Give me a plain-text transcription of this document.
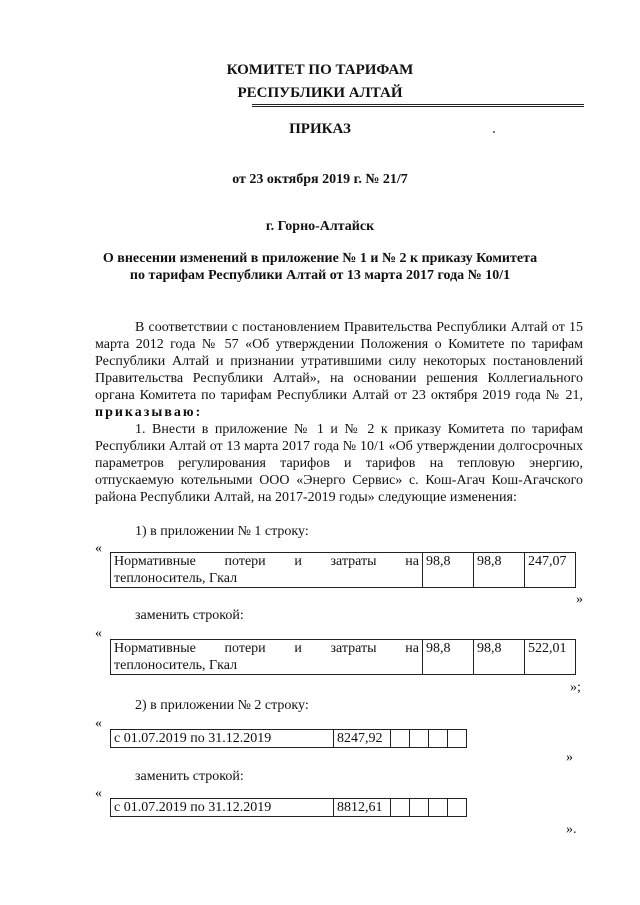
КОМИТЕТ ПО ТАРИФАМ
РЕСПУБЛИКИ АЛТАЙ
ПРИКАЗ
от 23 октября 2019 г. № 21/7
г. Горно-Алтайск
О внесении изменений в приложение № 1 и № 2 к приказу Комитета
по тарифам Республики Алтай от 13 марта 2017 года № 10/1
В соответствии с постановлением Правительства Республики Алтай от 15 марта 2012 года № 57 «Об утверждении Положения о Комитете по тарифам Республики Алтай и признании утратившими силу некоторых постановлений Правительства Республики Алтай», на основании решения Коллегиального органа Комитета по тарифам Республики Алтай от 23 октября 2019 года № 21, приказываю:
1. Внести в приложение № 1 и № 2 к приказу Комитета по тарифам Республики Алтай от 13 марта 2017 года № 10/1 «Об утверждении долгосрочных параметров регулирования тарифов и тарифов на тепловую энергию, отпускаемую котельными ООО «Энерго Сервис» с. Кош-Агач Кош-Агачского района Республики Алтай, на 2017-2019 годы» следующие изменения:
1) в приложении № 1 строку:
«
Нормативные потери и затраты на
теплоноситель, Гкал
	98,8	98,8	247,07
»
заменить строкой:
«
Нормативные потери и затраты на
теплоноситель, Гкал
	98,8	98,8	522,01
»;
2) в приложении № 2 строку:
«
с 01.07.2019 по 31.12.2019	8247,92				
»
заменить строкой:
«
с 01.07.2019 по 31.12.2019	8812,61				
».
